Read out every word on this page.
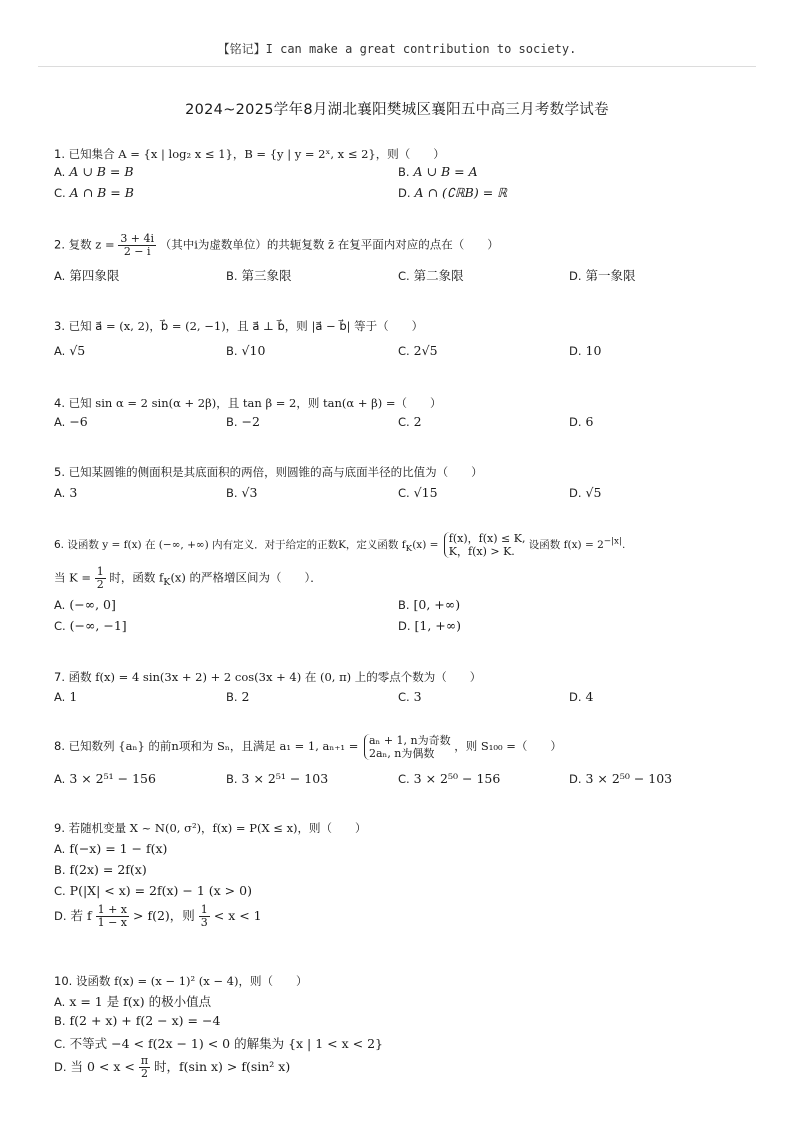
【铭记】I can make a great contribution to society.
2024~2025学年8月湖北襄阳樊城区襄阳五中高三月考数学试卷
1. 已知集合 A = {x | log₂ x ≤ 1}，B = {y | y = 2ˣ, x ≤ 2}，则（　　）
A. A ∪ B = B	B. A ∪ B = A
C. A ∩ B = B	D. A ∩ (∁ℝB) = ℝ
2. 复数 $z = \frac{3 + 4i}{2 - i}$ （其中i为虚数单位）的共轭复数 z̄ 在复平面内对应的点在（　　）
A. 第四象限	B. 第三象限	C. 第二象限	D. 第一象限
3. 已知 a⃗ = (x, 2)，b⃗ = (2, −1)，且 a⃗ ⊥ b⃗，则 |a⃗ − b⃗| 等于（　　）
A. √5	B. √10	C. 2√5	D. 10
4. 已知 sin α = 2 sin(α + 2β)，且 tan β = 2，则 tan(α + β) =（　　）
A. −6	B. −2	C. 2	D. 6
5. 已知某圆锥的侧面积是其底面积的两倍，则圆锥的高与底面半径的比值为（　　）
A. 3	B. √3	C. √15	D. √5
6. 设函数 y = f(x) 在 (−∞, +∞) 内有定义．对于给定的正数K，定义函数 $f_K(x) = f(x)$，f(x) ≤ K,
K，f(x) > K.	设函数 $f(x) = 2^{-|x|}$.
当 $K = \frac{1}{2}$ 时，函数 $f_K(x)$ 的严格增区间为（　　）．
A. (−∞, 0]	B. [0, +∞)
C. (−∞, −1]	D. [1, +∞)
7. 函数 f(x) = 4 sin(3x + 2) + 2 cos(3x + 4) 在 (0, π) 上的零点个数为（　　）
A. 1	B. 2	C. 3	D. 4
8. 已知数列 {aₙ} 的前n项和为 Sₙ，且满足 a₁ = 1, aₙ₊₁ = aₙ + 1, n为奇数
2aₙ, n为偶数
，则 S₁₀₀ =（　　）
A. 3 × 2⁵¹ − 156	B. 3 × 2⁵¹ − 103	C. 3 × 2⁵⁰ − 156	D. 3 × 2⁵⁰ − 103
9. 若随机变量 X ~ N(0, σ²)，f(x) = P(X ≤ x)，则（　　）
A. f(−x) = 1 − f(x)
B. f(2x) = 2f(x)
C. P(|X| < x) = 2f(x) − 1 (x > 0)
D. 若 f $\frac{1 + x}{1 - x} > f(2)$，则 $\frac{1}{3} < x < 1$
10. 设函数 f(x) = (x − 1)² (x − 4)，则（　　）
A. x = 1 是 f(x) 的极小值点
B. f(2 + x) + f(2 − x) = −4
C. 不等式 −4 < f(2x − 1) < 0 的解集为 {x | 1 < x < 2}
D. 当 $0 < x < \frac{\pi}{2}$ 时，f(sin x) > f(sin² x)
